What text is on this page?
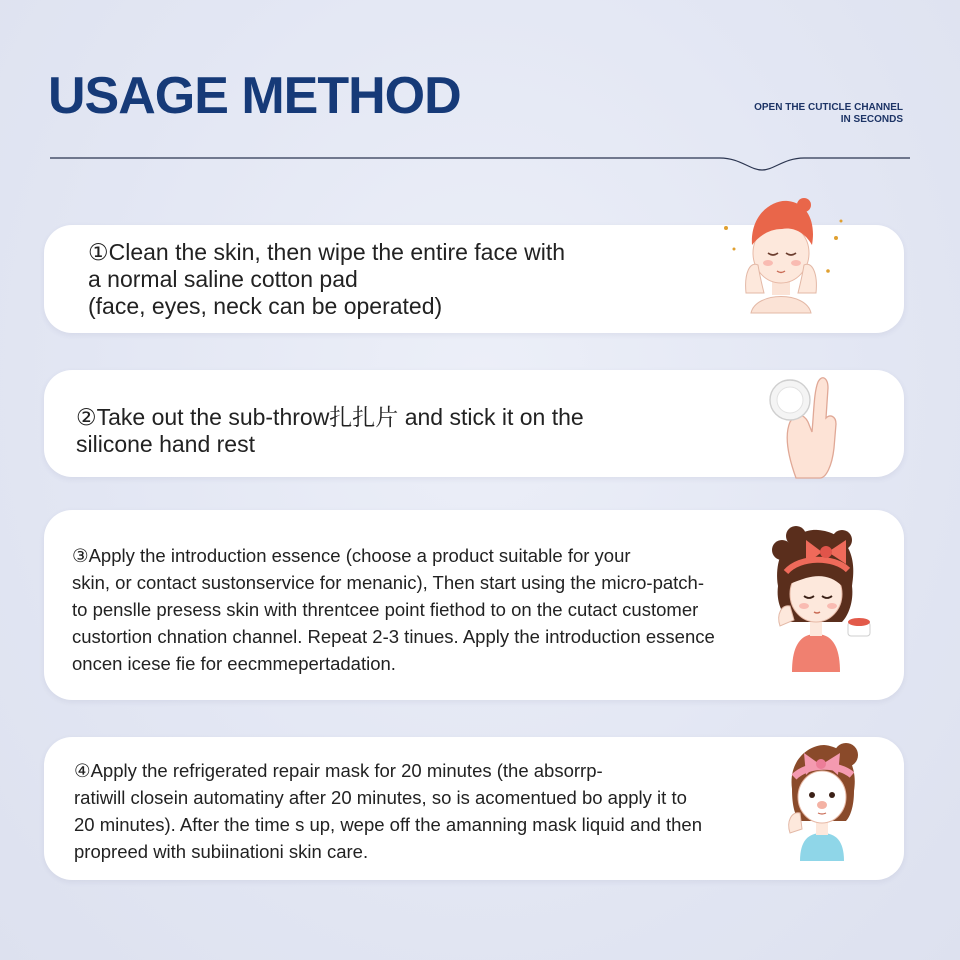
USAGE METHOD	OPEN THE CUTICLE CHANNEL
IN SECONDS
①Clean the skin, then wipe the entire face with
a normal saline cotton pad
(face, eyes, neck can be operated)
②Take out the sub-throw扎扎片 and stick it on the
silicone hand rest
③Apply the introduction essence (choose a product suitable for your
skin, or contact sustonservice for menanic), Then start using the micro-patch-
to penslle presess skin with threntcee point fiethod to on the cutact customer
custortion chnation channel. Repeat 2-3 tinues. Apply the introduction essence
oncen icese fie for eecmmepertadation.
④Apply the refrigerated repair mask for 20 minutes (the absorrp-
ratiwill closein automatiny after 20 minutes, so is acomentued bo apply it to
20 minutes). After the time s up, wepe off the amanning mask liquid and then
propreed with subiinationi skin care.
